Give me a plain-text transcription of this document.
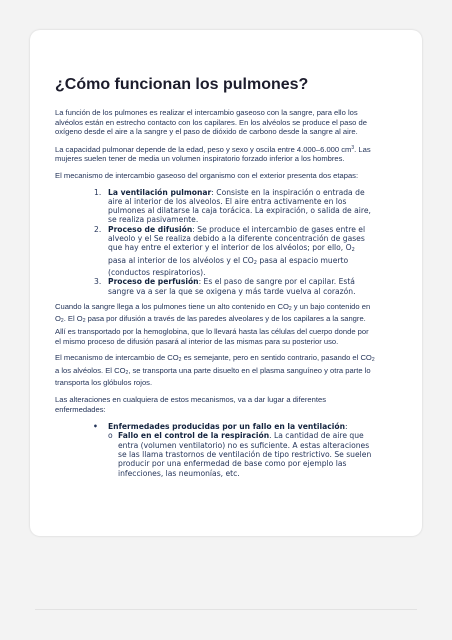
¿Cómo funcionan los pulmones?

La función de los pulmones es realizar el intercambio gaseoso con la sangre, para ello los alvéolos están en estrecho contacto con los capilares. En los alvéolos se produce el paso de oxígeno desde el aire a la sangre y el paso de dióxido de carbono desde la sangre al aire.

La capacidad pulmonar depende de la edad, peso y sexo y oscila entre 4.000–6.000 $cm^3$. Las mujeres suelen tener de media un volumen inspiratorio forzado inferior a los hombres.

El mecanismo de intercambio gaseoso del organismo con el exterior presenta dos etapas:

1. La ventilación pulmonar: Consiste en la inspiración o entrada de aire al interior de los alveolos. El aire entra activamente en los pulmones al dilatarse la caja torácica. La expiración, o salida de aire, se realiza pasivamente.
2. Proceso de difusión: Se produce el intercambio de gases entre el alveolo y el Se realiza debido a la diferente concentración de gases que hay entre el exterior y el interior de los alvéolos; por ello, $O_2$ pasa al interior de los alvéolos y el $CO_2$ pasa al espacio muerto (conductos respiratorios).
3. Proceso de perfusión: Es el paso de sangre por el capilar. Está sangre va a ser la que se oxigena y más tarde vuelva al corazón.

Cuando la sangre llega a los pulmones tiene un alto contenido en $CO_2$ y un bajo contenido en $O_2$. El $O_2$ pasa por difusión a través de las paredes alveolares y de los capilares a la sangre. Allí es transportado por la hemoglobina, que lo llevará hasta las células del cuerpo donde por el mismo proceso de difusión pasará al interior de las mismas para su posterior uso.

El mecanismo de intercambio de $CO_2$ es semejante, pero en sentido contrario, pasando el $CO_2$ a los alvéolos. El $CO_2$, se transporta una parte disuelto en el plasma sanguíneo y otra parte lo transporta los glóbulos rojos.

Las alteraciones en cualquiera de estos mecanismos, va a dar lugar a diferentes enfermedades:

• Enfermedades producidas por un fallo en la ventilación:
o Fallo en el control de la respiración. La cantidad de aire que entra (volumen ventilatorio) no es suficiente. A estas alteraciones se las llama trastornos de ventilación de tipo restrictivo. Se suelen producir por una enfermedad de base como por ejemplo las infecciones, las neumonías, etc.
